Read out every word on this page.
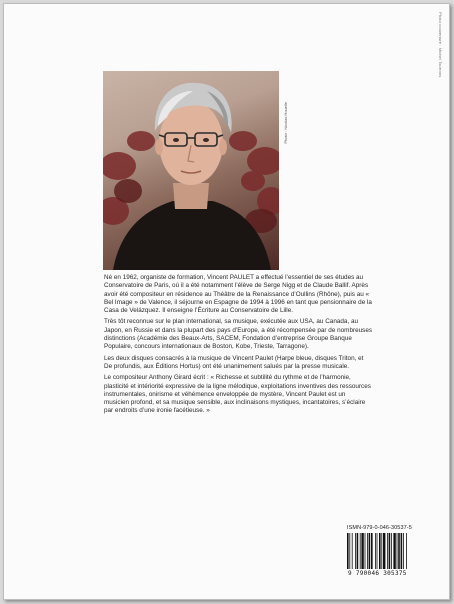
Photo couverture : Michel Tourrons
Photo : Nicolas Houelle

Né en 1962, organiste de formation, Vincent PAULET a effectué l’essentiel de ses études au Conservatoire de Paris, où il a été notamment l’élève de Serge Nigg et de Claude Ballif. Après avoir été compositeur en résidence au Théâtre de la Renaissance d’Oullins (Rhône), puis au « Bel Image » de Valence, il séjourne en Espagne de 1994 à 1996 en tant que pensionnaire de la Casa de Velázquez. Il enseigne l’Écriture au Conservatoire de Lille.

Très tôt reconnue sur le plan international, sa musique, exécutée aux USA, au Canada, au Japon, en Russie et dans la plupart des pays d’Europe, a été récompensée par de nombreuses distinctions (Académie des Beaux-Arts, SACEM, Fondation d’entreprise Groupe Banque Populaire, concours internationaux de Boston, Kobe, Trieste, Tarragone).

Les deux disques consacrés à la musique de Vincent Paulet (Harpe bleue, disques Triton, et De profundis, aux Éditions Hortus) ont été unanimement salués par la presse musicale.

Le compositeur Anthony Girard écrit : « Richesse et subtilité du rythme et de l’harmonie, plasticité et intériorité expressive de la ligne mélodique, exploitations inventives des ressources instrumentales, onirisme et véhémence enveloppée de mystère, Vincent Paulet est un musicien profond, et sa musique sensible, aux inclinaisons mystiques, incantatoires, s’éclaire par endroits d’une ironie facétieuse. »

ISMN-979-0-046-30537-5
9 790046 305375
